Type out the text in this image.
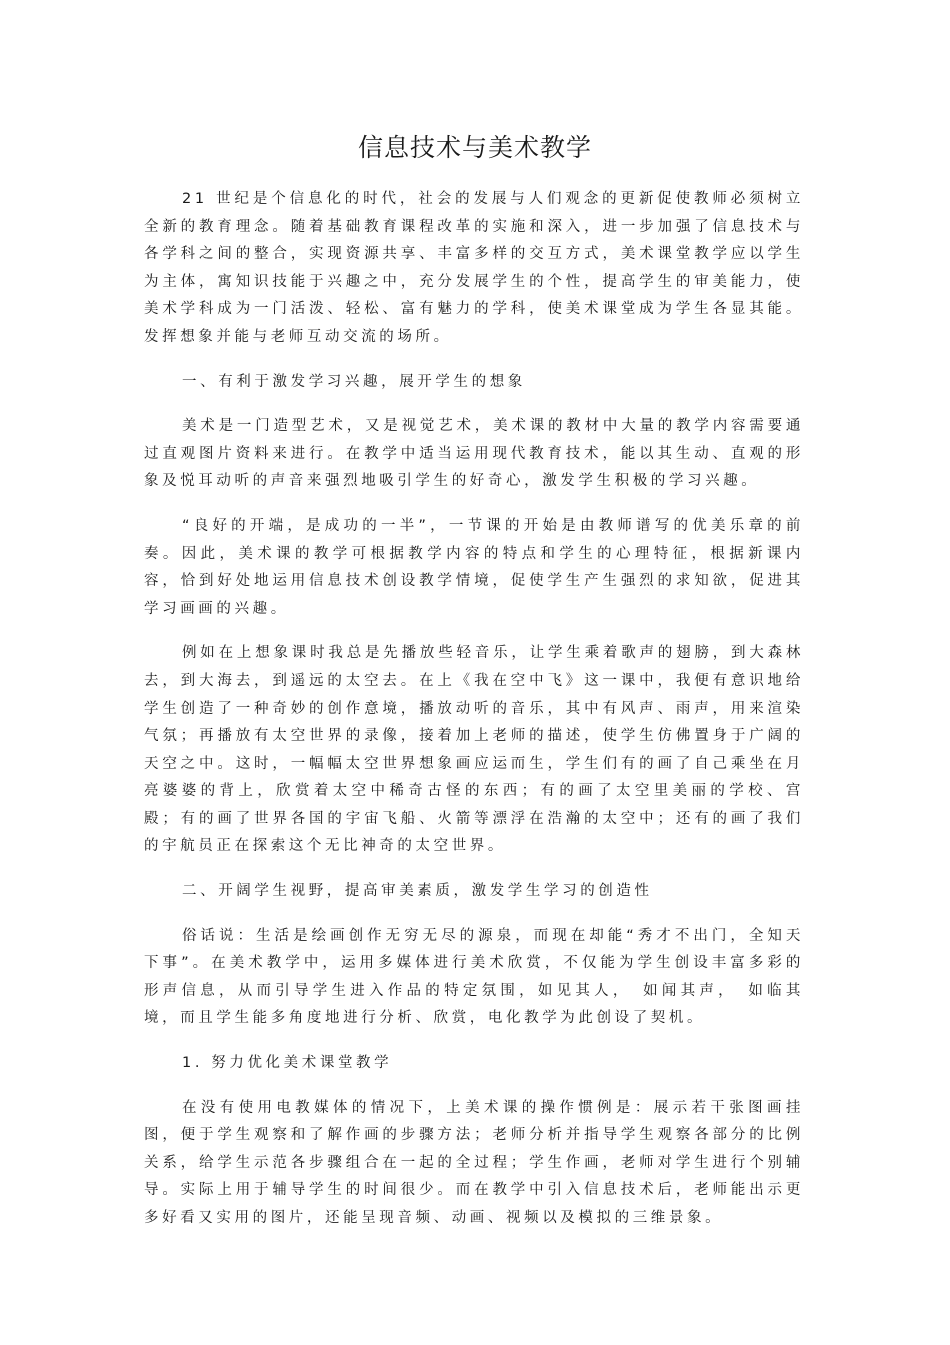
信息技术与美术教学

21 世纪是个信息化的时代，社会的发展与人们观念的更新促使教师必须树立全新的教育理念。随着基础教育课程改革的实施和深入，进一步加强了信息技术与各学科之间的整合，实现资源共享、丰富多样的交互方式，美术课堂教学应以学生为主体，寓知识技能于兴趣之中，充分发展学生的个性，提高学生的审美能力，使美术学科成为一门活泼、轻松、富有魅力的学科，使美术课堂成为学生各显其能。发挥想象并能与老师互动交流的场所。

一、有利于激发学习兴趣，展开学生的想象

美术是一门造型艺术，又是视觉艺术，美术课的教材中大量的教学内容需要通过直观图片资料来进行。在教学中适当运用现代教育技术，能以其生动、直观的形象及悦耳动听的声音来强烈地吸引学生的好奇心，激发学生积极的学习兴趣。

“良好的开端，是成功的一半”，一节课的开始是由教师谱写的优美乐章的前奏。因此，美术课的教学可根据教学内容的特点和学生的心理特征，根据新课内容，恰到好处地运用信息技术创设教学情境，促使学生产生强烈的求知欲，促进其学习画画的兴趣。

例如在上想象课时我总是先播放些轻音乐，让学生乘着歌声的翅膀，到大森林去，到大海去，到遥远的太空去。在上《我在空中飞》这一课中，我便有意识地给学生创造了一种奇妙的创作意境，播放动听的音乐，其中有风声、雨声，用来渲染气氛；再播放有太空世界的录像，接着加上老师的描述，使学生仿佛置身于广阔的天空之中。这时，一幅幅太空世界想象画应运而生，学生们有的画了自己乘坐在月亮婆婆的背上，欣赏着太空中稀奇古怪的东西；有的画了太空里美丽的学校、宫殿；有的画了世界各国的宇宙飞船、火箭等漂浮在浩瀚的太空中；还有的画了我们的宇航员正在探索这个无比神奇的太空世界。

二、开阔学生视野，提高审美素质，激发学生学习的创造性

俗话说：生活是绘画创作无穷无尽的源泉，而现在却能“秀才不出门，全知天下事”。在美术教学中，运用多媒体进行美术欣赏，不仅能为学生创设丰富多彩的形声信息，从而引导学生进入作品的特定氛围，如见其人，　如闻其声，　如临其境，而且学生能多角度地进行分析、欣赏，电化教学为此创设了契机。

1. 努力优化美术课堂教学

在没有使用电教媒体的情况下，上美术课的操作惯例是：展示若干张图画挂图，便于学生观察和了解作画的步骤方法；老师分析并指导学生观察各部分的比例关系，给学生示范各步骤组合在一起的全过程；学生作画，老师对学生进行个别辅导。实际上用于辅导学生的时间很少。而在教学中引入信息技术后，老师能出示更多好看又实用的图片，还能呈现音频、动画、视频以及模拟的三维景象。
